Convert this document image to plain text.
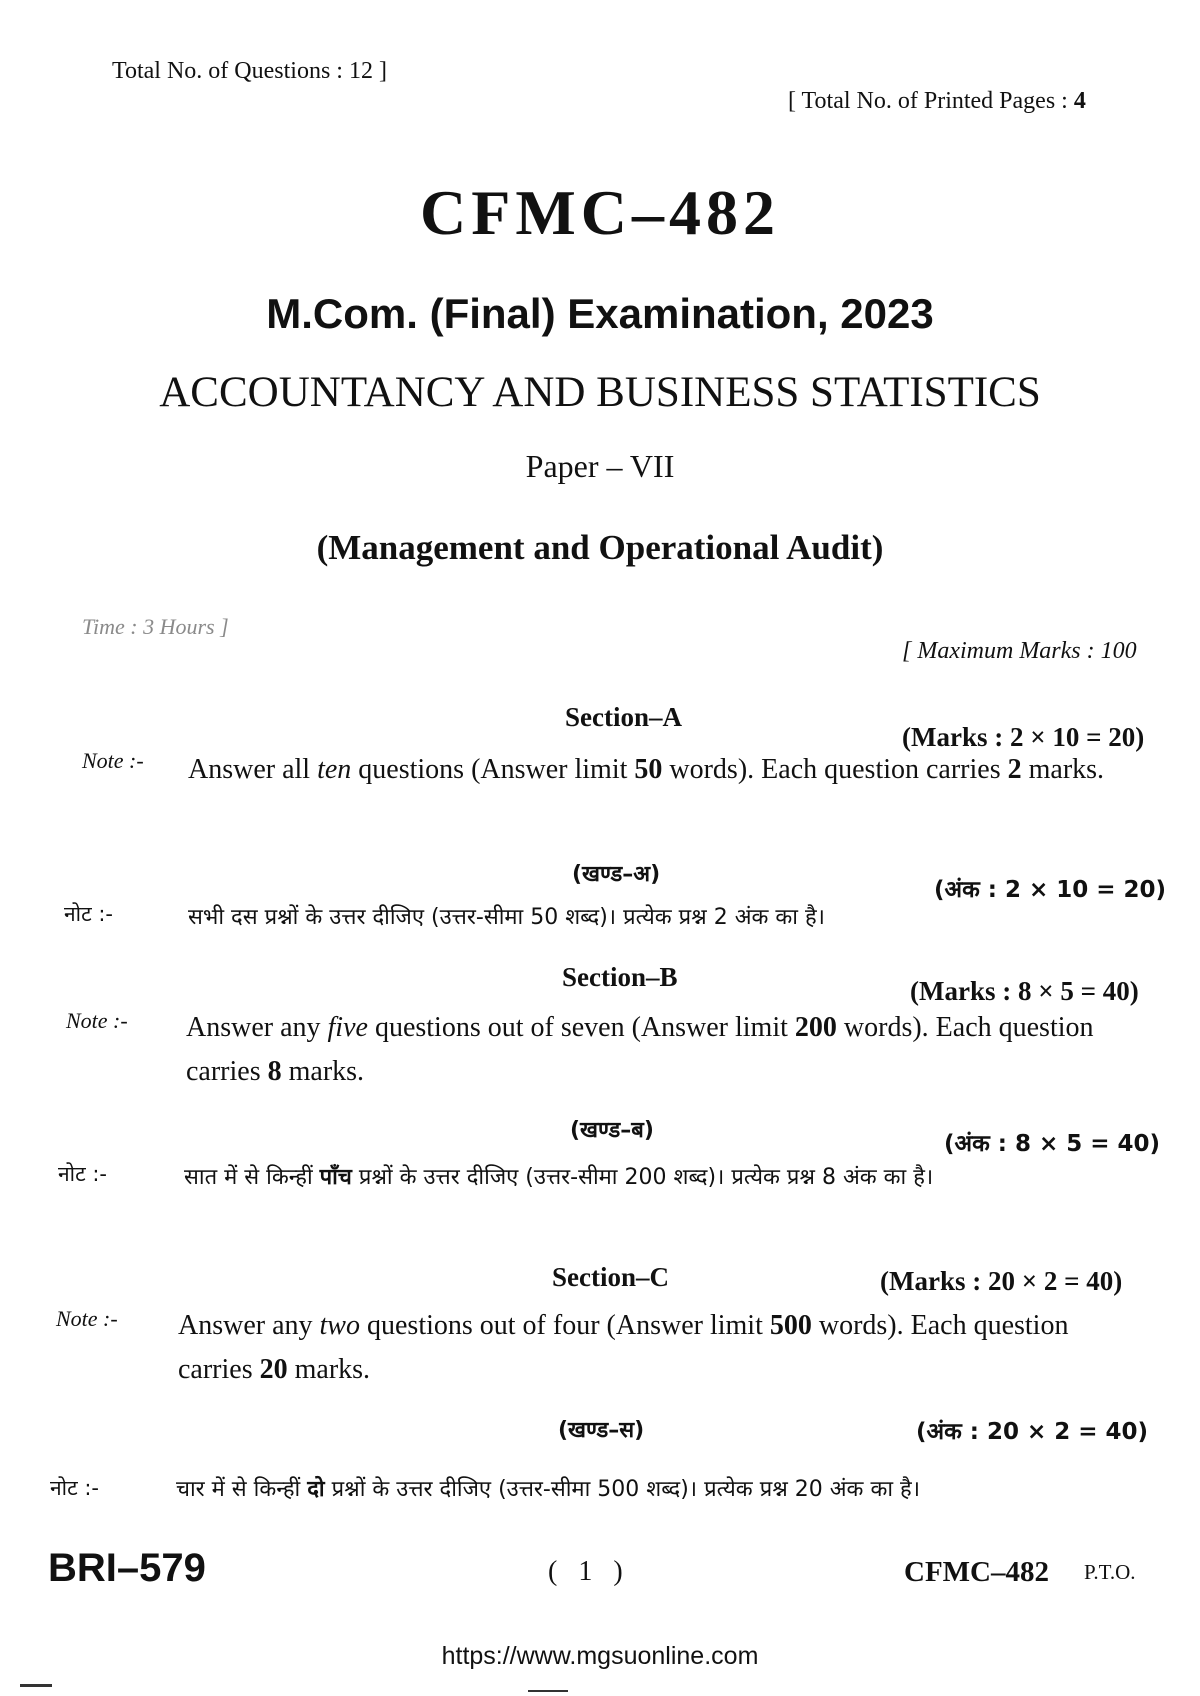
Total No. of Questions : 12 ]
[ Total No. of Printed Pages : 4
CFMC–482
M.Com. (Final) Examination, 2023
ACCOUNTANCY AND BUSINESS STATISTICS
Paper – VII
(Management and Operational Audit)
Time : 3 Hours ]
[ Maximum Marks : 100
Section–A
(Marks : 2 × 10 = 20)
Note :- Answer all ten questions (Answer limit 50 words). Each question carries 2 marks.
(खण्ड–अ)
(अंक : 2 × 10 = 20)
नोट :-	सभी दस प्रश्नों के उत्तर दीजिए (उत्तर-सीमा 50 शब्द)। प्रत्येक प्रश्न 2 अंक का है।
Section–B	(Marks : 8 × 5 = 40)
Note :- Answer any five questions out of seven (Answer limit 200 words). Each question carries 8 marks.
(खण्ड–ब)
(अंक : 8 × 5 = 40)
नोट :-	सात में से किन्हीं पाँच प्रश्नों के उत्तर दीजिए (उत्तर-सीमा 200 शब्द)। प्रत्येक प्रश्न 8 अंक का है।
Section–C	(Marks : 20 × 2 = 40)
Note :- Answer any two questions out of four (Answer limit 500 words). Each question carries 20 marks.
(खण्ड–स)	(अंक : 20 × 2 = 40)
नोट :-	चार में से किन्हीं दो प्रश्नों के उत्तर दीजिए (उत्तर-सीमा 500 शब्द)। प्रत्येक प्रश्न 20 अंक का है।
BRI–579	( 1 )	CFMC–482 P.T.O.
https://www.mgsuonline.com
